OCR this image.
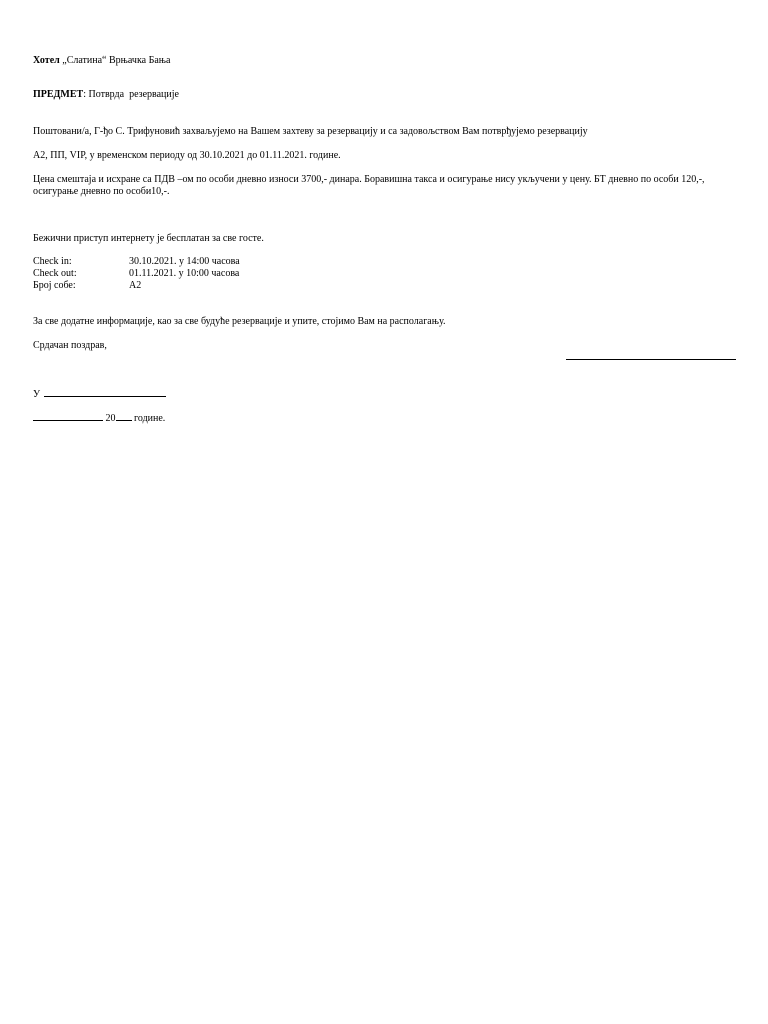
Хотел „Слатина“ Врњачка Бања
ПРЕДМЕТ: Потврда  резервације
Поштовани/а, Г-ђо С. Трифуновић захваљујемо на Вашем захтеву за резервацију и са задовољством Вам потврђујемо резервацију
А2, ПП, VIP, у временском периоду од 30.10.2021 до 01.11.2021. године.
Цена смештаја и исхране са ПДВ –ом по особи дневно износи 3700,- динара. Боравишна такса и осигурање нису укључени у цену. БТ дневно по особи 120,-, осигурање дневно по особи10,-.
Бежични приступ интернету је бесплатан за све госте.
Check in:	30.10.2021. у 14:00 часова
Check out:	01.11.2021. у 10:00 часова
Број собе:	А2
За све додатне информације, као за све будуће резервације и упите, стојимо Вам на располагању.
Срдачан поздрав,
У
20 године.
